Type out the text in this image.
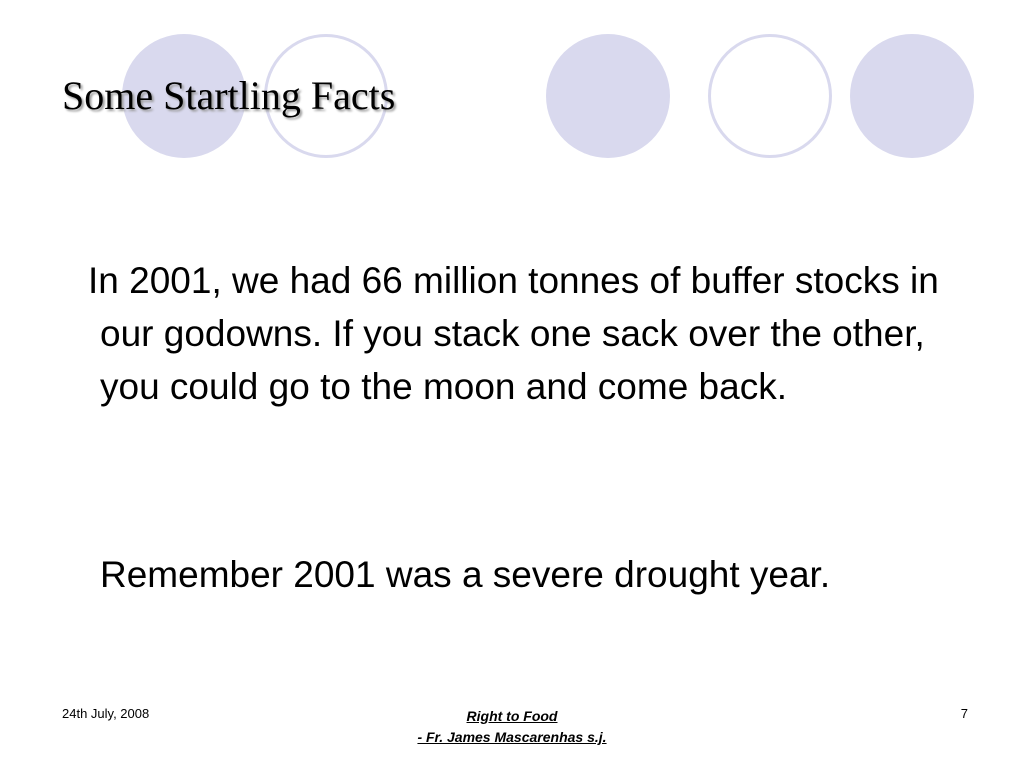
Some Startling Facts

In 2001, we had 66 million tonnes of buffer stocks in our godowns. If you stack one sack over the other, you could go to the moon and come back.

Remember 2001 was a severe drought year.

24th July, 2008	Right to Food
- Fr. James Mascarenhas s.j.
7
